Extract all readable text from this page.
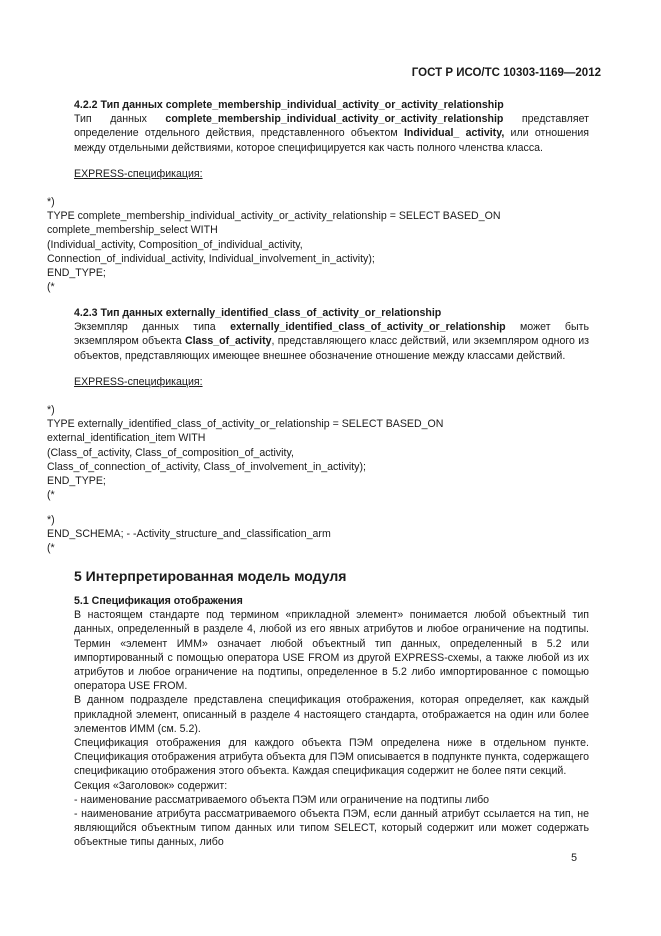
ГОСТ Р ИСО/ТС 10303-1169—2012

4.2.2 Тип данных complete_membership_individual_activity_or_activity_relationship

Тип данных complete_membership_individual_activity_or_activity_relationship представляет определение отдельного действия, представленного объектом Individual_ activity, или отношения между отдельными действиями, которое специфицируется как часть полного членства класса.

EXPRESS-спецификация:

*)

TYPE complete_membership_individual_activity_or_activity_relationship = SELECT BASED_ON

complete_membership_select WITH

(Individual_activity, Composition_of_individual_activity,

Connection_of_individual_activity, Individual_involvement_in_activity);

END_TYPE;

(*

4.2.3 Тип данных externally_identified_class_of_activity_or_relationship

Экземпляр данных типа externally_identified_class_of_activity_or_relationship может быть экземпляром объекта Class_of_activity, представляющего класс действий, или экземпляром одного из объектов, представляющих имеющее внешнее обозначение отношение между классами действий.

EXPRESS-спецификация:

*)

TYPE externally_identified_class_of_activity_or_relationship = SELECT BASED_ON

external_identification_item WITH

(Class_of_activity, Class_of_composition_of_activity,

Class_of_connection_of_activity, Class_of_involvement_in_activity);

END_TYPE;

(*

*)

END_SCHEMA; - -Activity_structure_and_classification_arm

(*

5 Интерпретированная модель модуля

5.1 Спецификация отображения

В настоящем стандарте под термином «прикладной элемент» понимается любой объектный тип данных, определенный в разделе 4, любой из его явных атрибутов и любое ограничение на подтипы. Термин «элемент ИММ» означает любой объектный тип данных, определенный в 5.2 или импортированный с помощью оператора USE FROM из другой EXPRESS-схемы, а также любой из их атрибутов и любое ограничение на подтипы, определенное в 5.2 либо импортированное с помощью оператора USE FROM.

В данном подразделе представлена спецификация отображения, которая определяет, как каждый прикладной элемент, описанный в разделе 4 настоящего стандарта, отображается на один или более элементов ИММ (см. 5.2).

Спецификация отображения для каждого объекта ПЭМ определена ниже в отдельном пункте. Спецификация отображения атрибута объекта для ПЭМ описывается в подпункте пункта, содержащего спецификацию отображения этого объекта. Каждая спецификация содержит не более пяти секций.

Секция «Заголовок» содержит:

- наименование рассматриваемого объекта ПЭМ или ограничение на подтипы либо

- наименование атрибута рассматриваемого объекта ПЭМ, если данный атрибут ссылается на тип, не являющийся объектным типом данных или типом SELECT, который содержит или может содержать объектные типы данных, либо

5
